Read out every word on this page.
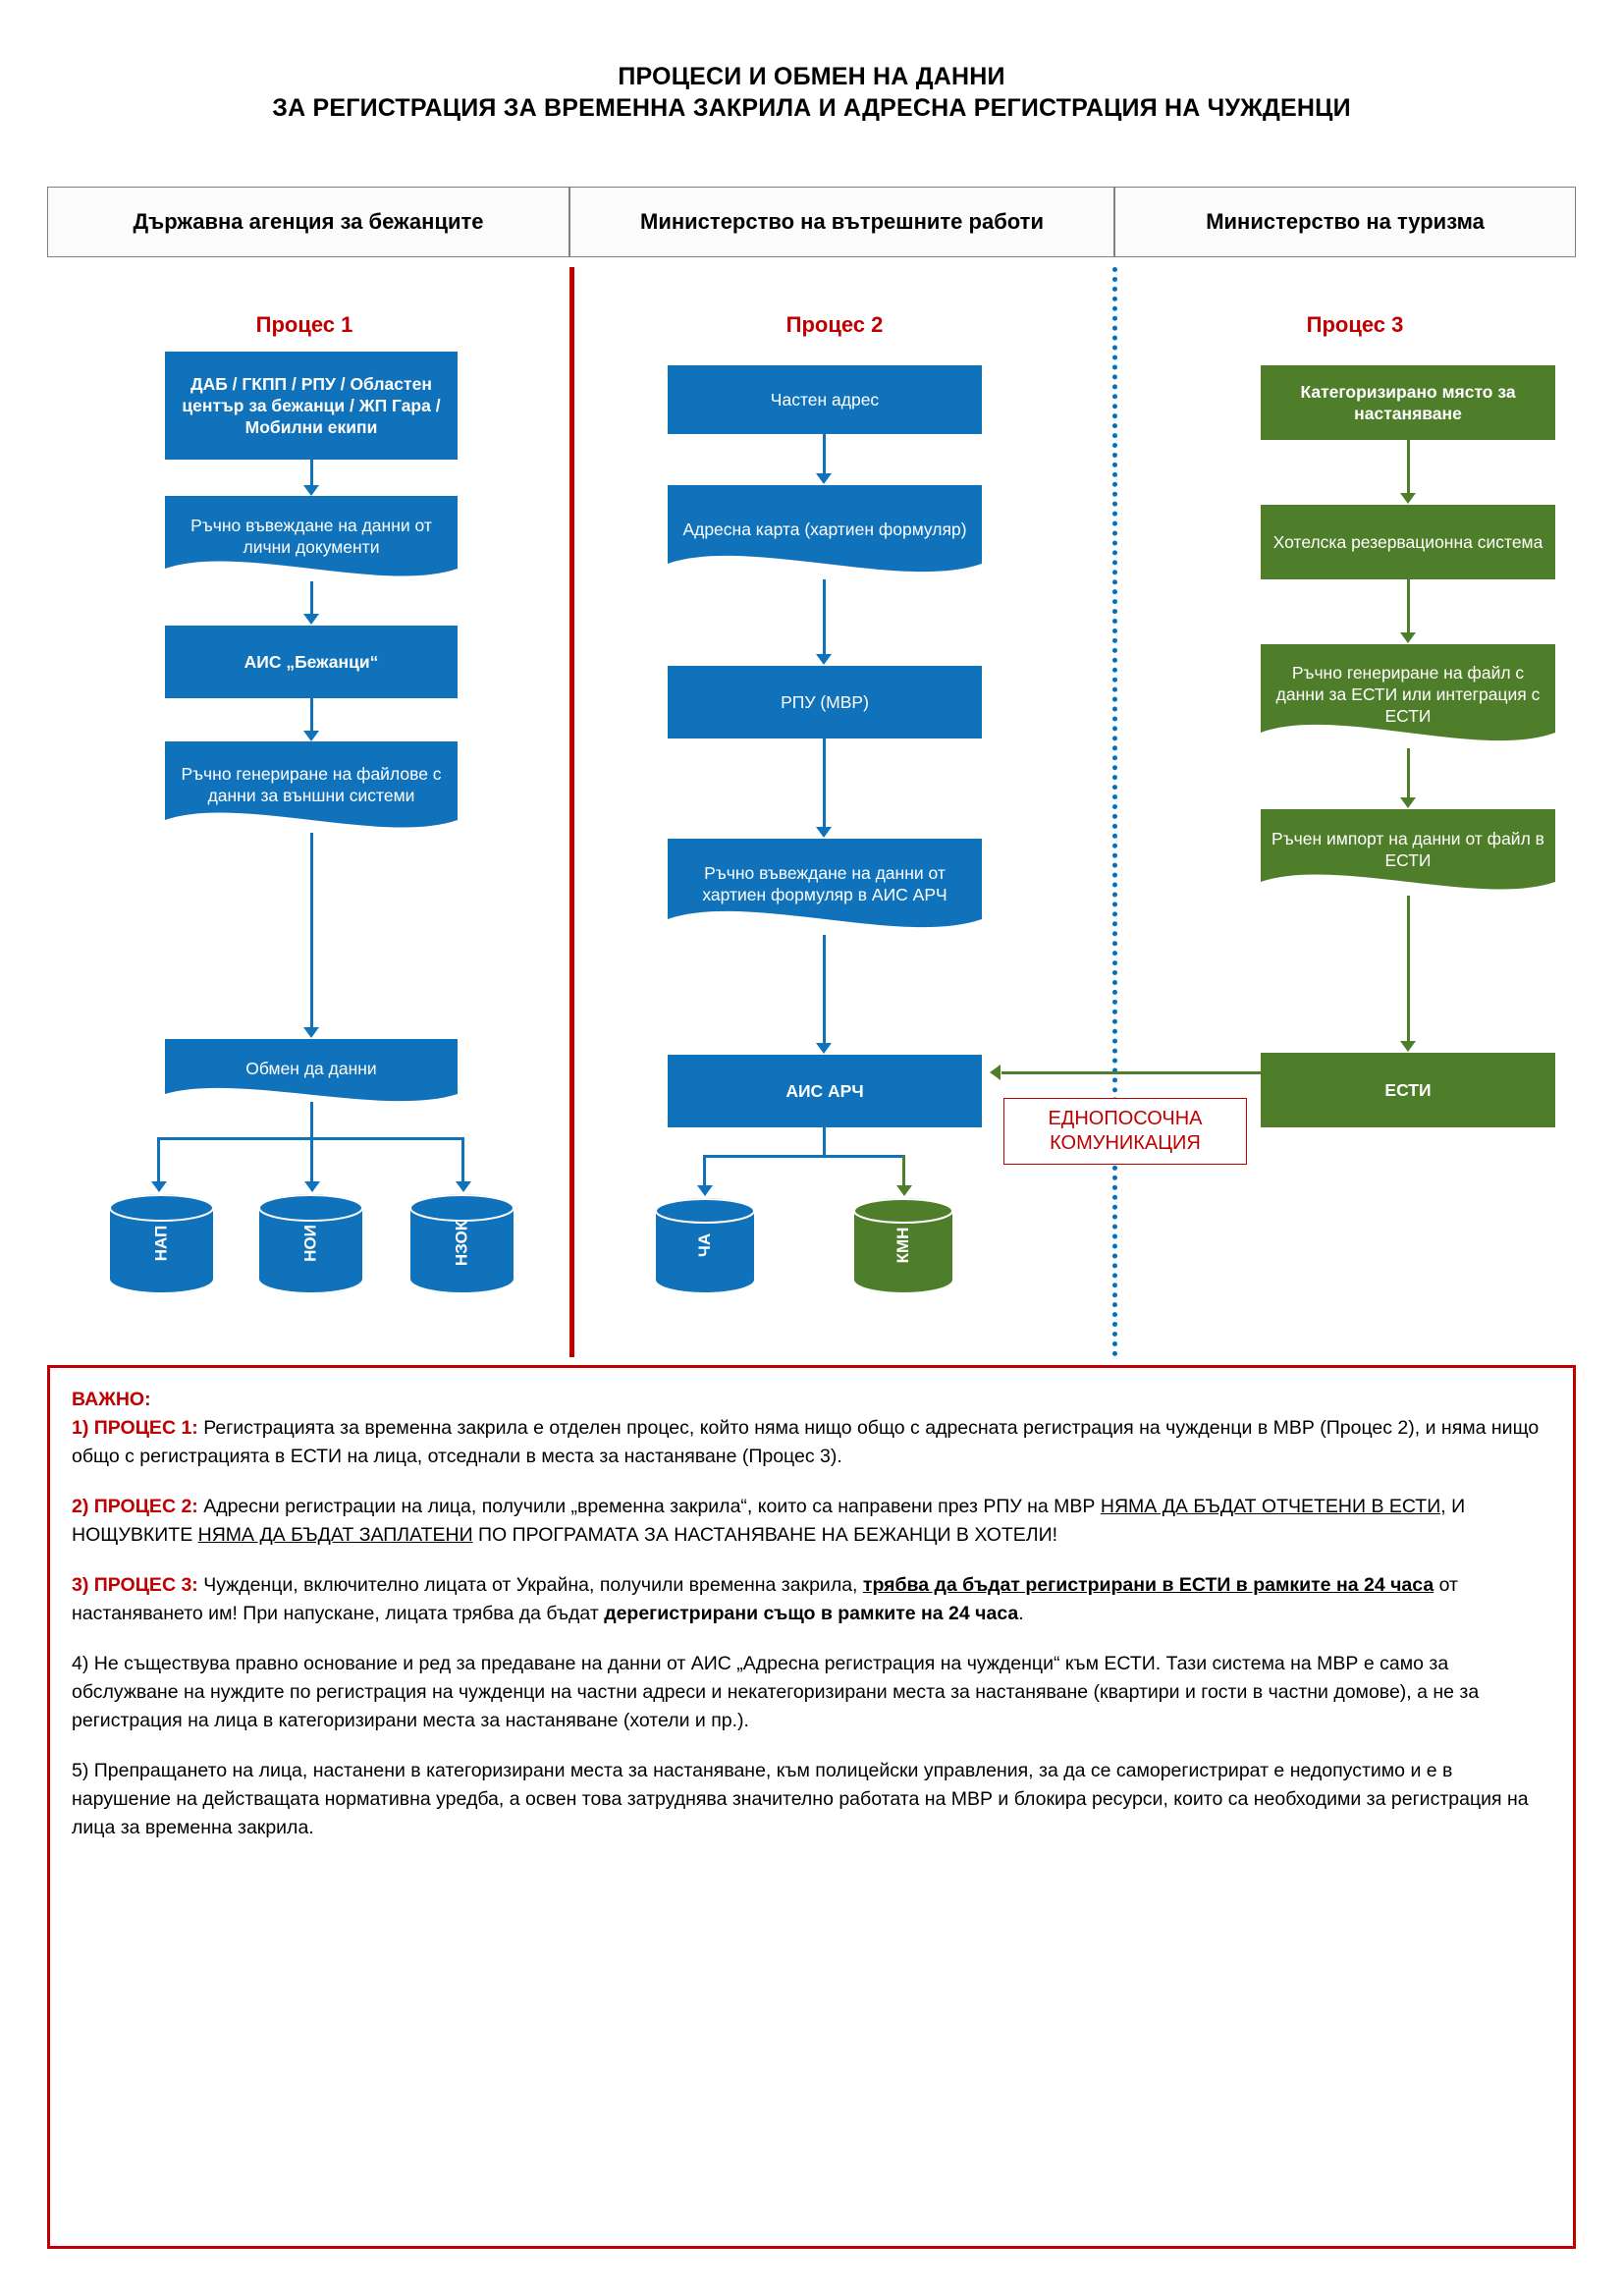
ПРОЦЕСИ И ОБМЕН НА ДАННИ
ЗА РЕГИСТРАЦИЯ ЗА ВРЕМЕННА ЗАКРИЛА И АДРЕСНА РЕГИСТРАЦИЯ НА ЧУЖДЕНЦИ
Държавна агенция за бежанците	Министерство на вътрешните работи	Министерство на туризма
Процес 1	Процес 2	Процес 3
ДАБ / ГКПП / РПУ / Областен център за бежанци / ЖП Гара / Мобилни екипи
Ръчно въвеждане на данни от лични документи
АИС „Бежанци“
Ръчно генериране на файлове с данни за външни системи
Обмен да данни
НАП	НОИ	НЗОК
Частен адрес
Адресна карта (хартиен формуляр)
РПУ (МВР)
Ръчно въвеждане на данни от хартиен формуляр в АИС АРЧ
АИС АРЧ
ЧА	КМН
Категоризирано място за настаняване
Хотелска резервационна система
Ръчно генериране на файл с данни за ЕСТИ или интеграция с ЕСТИ
Ръчен импорт на данни от файл в ЕСТИ
ЕСТИ
ЕДНОПОСОЧНА КОМУНИКАЦИЯ

ВАЖНО:
1) ПРОЦЕС 1: Регистрацията за временна закрила е отделен процес, който няма нищо общо с адресната регистрация на чужденци в МВР (Процес 2), и няма нищо общо с регистрацията в ЕСТИ на лица, отседнали в места за настаняване (Процес 3).

2) ПРОЦЕС 2: Адресни регистрации на лица, получили „временна закрила“, които са направени през РПУ на МВР НЯМА ДА БЪДАТ ОТЧЕТЕНИ В ЕСТИ, И НОЩУВКИТЕ НЯМА ДА БЪДАТ ЗАПЛАТЕНИ ПО ПРОГРАМАТА ЗА НАСТАНЯВАНЕ НА БЕЖАНЦИ В ХОТЕЛИ!

3) ПРОЦЕС 3: Чужденци, включително лицата от Украйна, получили временна закрила, трябва да бъдат регистрирани в ЕСТИ в рамките на 24 часа от настаняването им! При напускане, лицата трябва да бъдат дерегистрирани също в рамките на 24 часа.

4) Не съществува правно основание и ред за предаване на данни от АИС „Адресна регистрация на чужденци“ към ЕСТИ. Тази система на МВР е само за обслужване на нуждите по регистрация на чужденци на частни адреси и некатегоризирани места за настаняване (квартири и гости в частни домове), а не за регистрация на лица в категоризирани места за настаняване (хотели и пр.).

5) Препращането на лица, настанени в категоризирани места за настаняване, към полицейски управления, за да се саморегистрират е недопустимо и е в нарушение на действащата нормативна уредба, а освен това затруднява значително работата на МВР и блокира ресурси, които са необходими за регистрация на лица за временна закрила.
